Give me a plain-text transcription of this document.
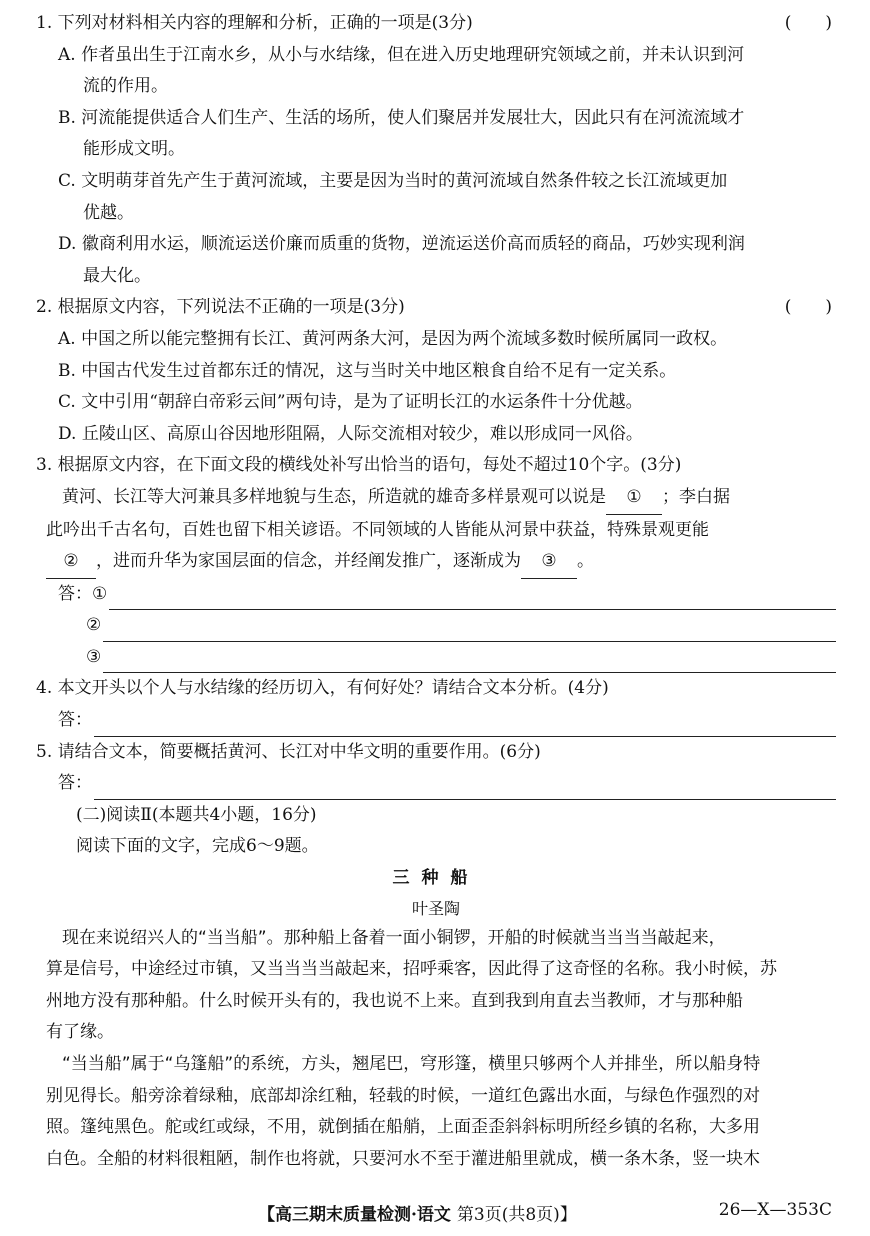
1. 下列对材料相关内容的理解和分析，正确的一项是(3分)	(　　)
A. 作者虽出生于江南水乡，从小与水结缘，但在进入历史地理研究领域之前，并未认识到河
流的作用。
B. 河流能提供适合人们生产、生活的场所，使人们聚居并发展壮大，因此只有在河流流域才
能形成文明。
C. 文明萌芽首先产生于黄河流域，主要是因为当时的黄河流域自然条件较之长江流域更加
优越。
D. 徽商利用水运，顺流运送价廉而质重的货物，逆流运送价高而质轻的商品，巧妙实现利润
最大化。
2. 根据原文内容，下列说法不正确的一项是(3分)	(　　)
A. 中国之所以能完整拥有长江、黄河两条大河，是因为两个流域多数时候所属同一政权。
B. 中国古代发生过首都东迁的情况，这与当时关中地区粮食自给不足有一定关系。
C. 文中引用“朝辞白帝彩云间”两句诗，是为了证明长江的水运条件十分优越。
D. 丘陵山区、高原山谷因地形阻隔，人际交流相对较少，难以形成同一风俗。
3. 根据原文内容，在下面文段的横线处补写出恰当的语句，每处不超过10个字。(3分)
黄河、长江等大河兼具多样地貌与生态，所造就的雄奇多样景观可以说是 ① ；李白据
此吟出千古名句，百姓也留下相关谚语。不同领域的人皆能从河景中获益，特殊景观更能
② ，进而升华为家国层面的信念，并经阐发推广，逐渐成为 ③ 。
答： ①
②
③
4. 本文开头以个人与水结缘的经历切入，有何好处？请结合文本分析。(4分)
答：
5. 请结合文本，简要概括黄河、长江对中华文明的重要作用。(6分)
答：
(二)阅读Ⅱ(本题共4小题，16分)
阅读下面的文字，完成6～9题。
三种船
叶圣陶
现在来说绍兴人的“当当船”。那种船上备着一面小铜锣，开船的时候就当当当当敲起来，
算是信号，中途经过市镇，又当当当当敲起来，招呼乘客，因此得了这奇怪的名称。我小时候，苏
州地方没有那种船。什么时候开头有的，我也说不上来。直到我到甪直去当教师，才与那种船
有了缘。
“当当船”属于“乌篷船”的系统，方头，翘尾巴，穹形篷，横里只够两个人并排坐，所以船身特
别见得长。船旁涂着绿釉，底部却涂红釉，轻载的时候，一道红色露出水面，与绿色作强烈的对
照。篷纯黑色。舵或红或绿，不用，就倒插在船艄，上面歪歪斜斜标明所经乡镇的名称，大多用
白色。全船的材料很粗陋，制作也将就，只要河水不至于灌进船里就成，横一条木条，竖一块木
【高三期末质量检测·语文 第3页(共8页)】	26—X—353C
